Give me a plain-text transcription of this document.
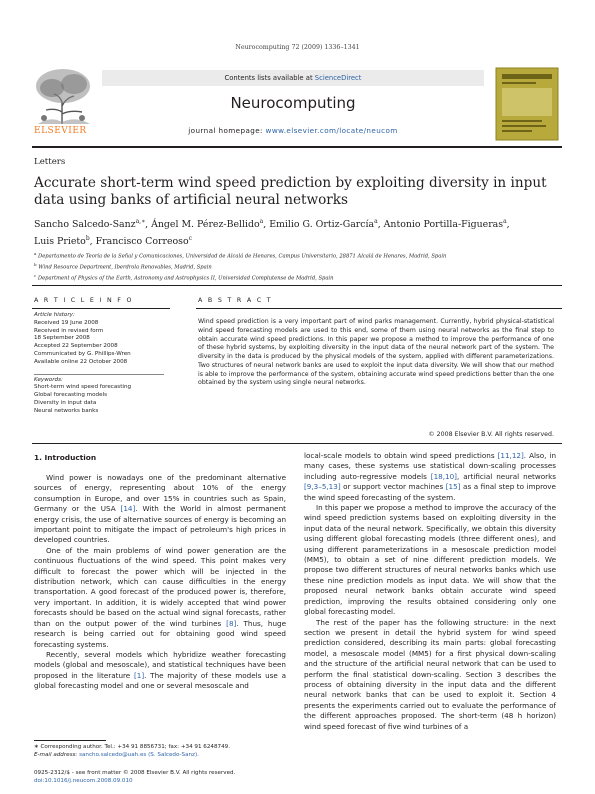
Neurocomputing 72 (2009) 1336–1341
ELSEVIER
Contents lists available at ScienceDirect
Neurocomputing
journal homepage: www.elsevier.com/locate/neucom
Letters
Accurate short-term wind speed prediction by exploiting diversity in input data using banks of artificial neural networks
Sancho Salcedo-Sanz$^{a,∗}$, Ángel M. Pérez-Bellido$^a$, Emilio G. Ortiz-García$^a$, Antonio Portilla-Figueras$^a$,
Luis Prieto$^b$, Francisco Correoso$^c$
$^a$ Departamento de Teoría de la Señal y Comunicaciones, Universidad de Alcalá de Henares, Campus Universitario, 28871 Alcalá de Henares, Madrid, Spain
$^b$ Wind Resource Department, Iberdrola Renovables, Madrid, Spain
$^c$ Department of Physics of the Earth, Astronomy and Astrophysics II, Universidad Complutense de Madrid, Spain
A R T I C L E I N F O	A B S T R A C T
Article history:
Received 19 June 2008
Received in revised form
18 September 2008
Accepted 22 September 2008
Communicated by G. Phillips-Wren
Available online 22 October 2008
Keywords:
Short-term wind speed forecasting
Global forecasting models
Diversity in input data
Neural networks banks
Wind speed prediction is a very important part of wind parks management. Currently, hybrid physical-statistical wind speed forecasting models are used to this end, some of them using neural networks as the final step to obtain accurate wind speed predictions. In this paper we propose a method to improve the performance of one of these hybrid systems, by exploiting diversity in the input data of the neural network part of the system. The diversity in the data is produced by the physical models of the system, applied with different parameterizations. Two structures of neural network banks are used to exploit the input data diversity. We will show that our method is able to improve the performance of the system, obtaining accurate wind speed predictions better than the one obtained by the system using single neural networks.
© 2008 Elsevier B.V. All rights reserved.
1. Introduction

Wind power is nowadays one of the predominant alternative sources of energy, representing about 10% of the energy consumption in Europe, and over 15% in countries such as Spain, Germany or the USA [14]. With the World in almost permanent energy crisis, the use of alternative sources of energy is becoming an important point to mitigate the impact of petroleum's high prices in developed countries.

One of the main problems of wind power generation are the continuous fluctuations of the wind speed. This point makes very difficult to forecast the power which will be injected in the distribution network, which can cause difficulties in the energy transportation. A good forecast of the produced power is, therefore, very important. In addition, it is widely accepted that wind power forecasts should be based on the actual wind signal forecasts, rather than on the output power of the wind turbines [8]. Thus, huge research is being carried out for obtaining good wind speed forecasting systems.

Recently, several models which hybridize weather forecasting models (global and mesoscale), and statistical techniques have been proposed in the literature [1]. The majority of these models use a global forecasting model and one or several mesoscale and

local-scale models to obtain wind speed predictions [11,12]. Also, in many cases, these systems use statistical down-scaling processes including auto-regressive models [18,10], artificial neural networks [9,3–5,13] or support vector machines [15] as a final step to improve the wind speed forecasting of the system.

In this paper we propose a method to improve the accuracy of the wind speed prediction systems based on exploiting diversity in the input data of the neural network. Specifically, we obtain this diversity using different global forecasting models (three different ones), and using different parameterizations in a mesoscale prediction model (MM5), to obtain a set of nine different prediction models. We propose two different structures of neural networks banks which use these nine prediction models as input data. We will show that the proposed neural network banks obtain accurate wind speed prediction, improving the results obtained considering only one global forecasting model.

The rest of the paper has the following structure: in the next section we present in detail the hybrid system for wind speed prediction considered, describing its main parts: global forecasting model, a mesoscale model (MM5) for a first physical down-scaling and the structure of the artificial neural network that can be used to perform the final statistical down-scaling. Section 3 describes the process of obtaining diversity in the input data and the different neural network banks that can be used to exploit it. Section 4 presents the experiments carried out to evaluate the performance of the different approaches proposed. The short-term (48 h horizon) wind speed forecast of five wind turbines of a

∗ Corresponding author. Tel.: +34 91 8856731; fax: +34 91 6248749.
E-mail address: sancho.salcedo@uah.es (S. Salcedo-Sanz).
0925-2312/$ - see front matter © 2008 Elsevier B.V. All rights reserved.
doi:10.1016/j.neucom.2008.09.010
